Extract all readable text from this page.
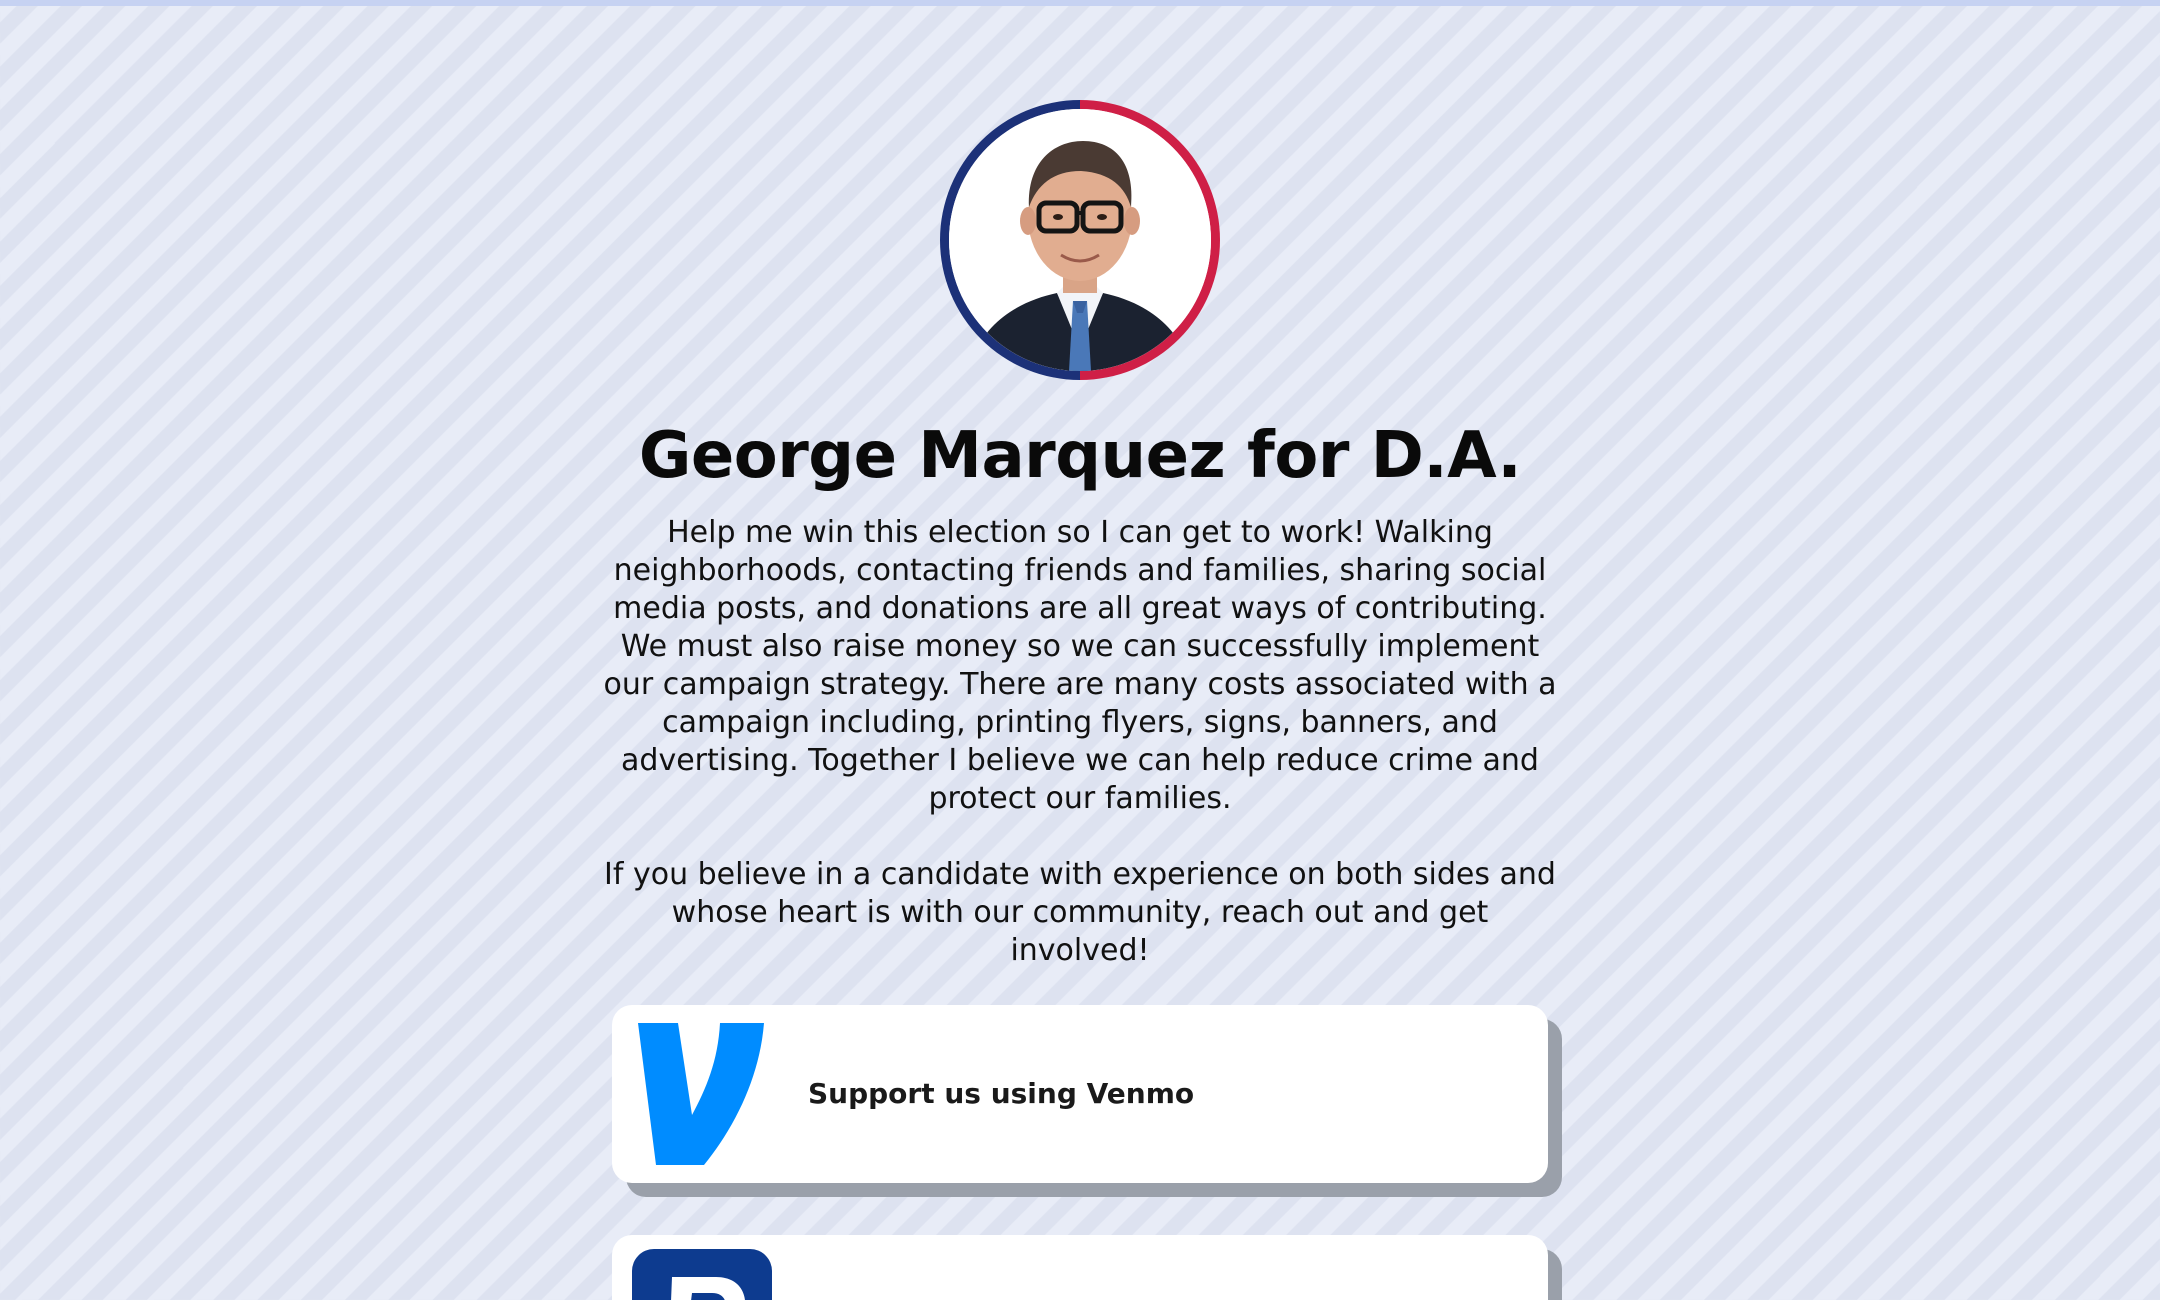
George Marquez for D.A.
Help me win this election so I can get to work! Walking neighborhoods, contacting friends and families, sharing social media posts, and donations are all great ways of contributing. We must also raise money so we can successfully implement our campaign strategy. There are many costs associated with a campaign including, printing flyers, signs, banners, and advertising. Together I believe we can help reduce crime and protect our families.

If you believe in a candidate with experience on both sides and whose heart is with our community, reach out and get involved!
Support us using Venmo
